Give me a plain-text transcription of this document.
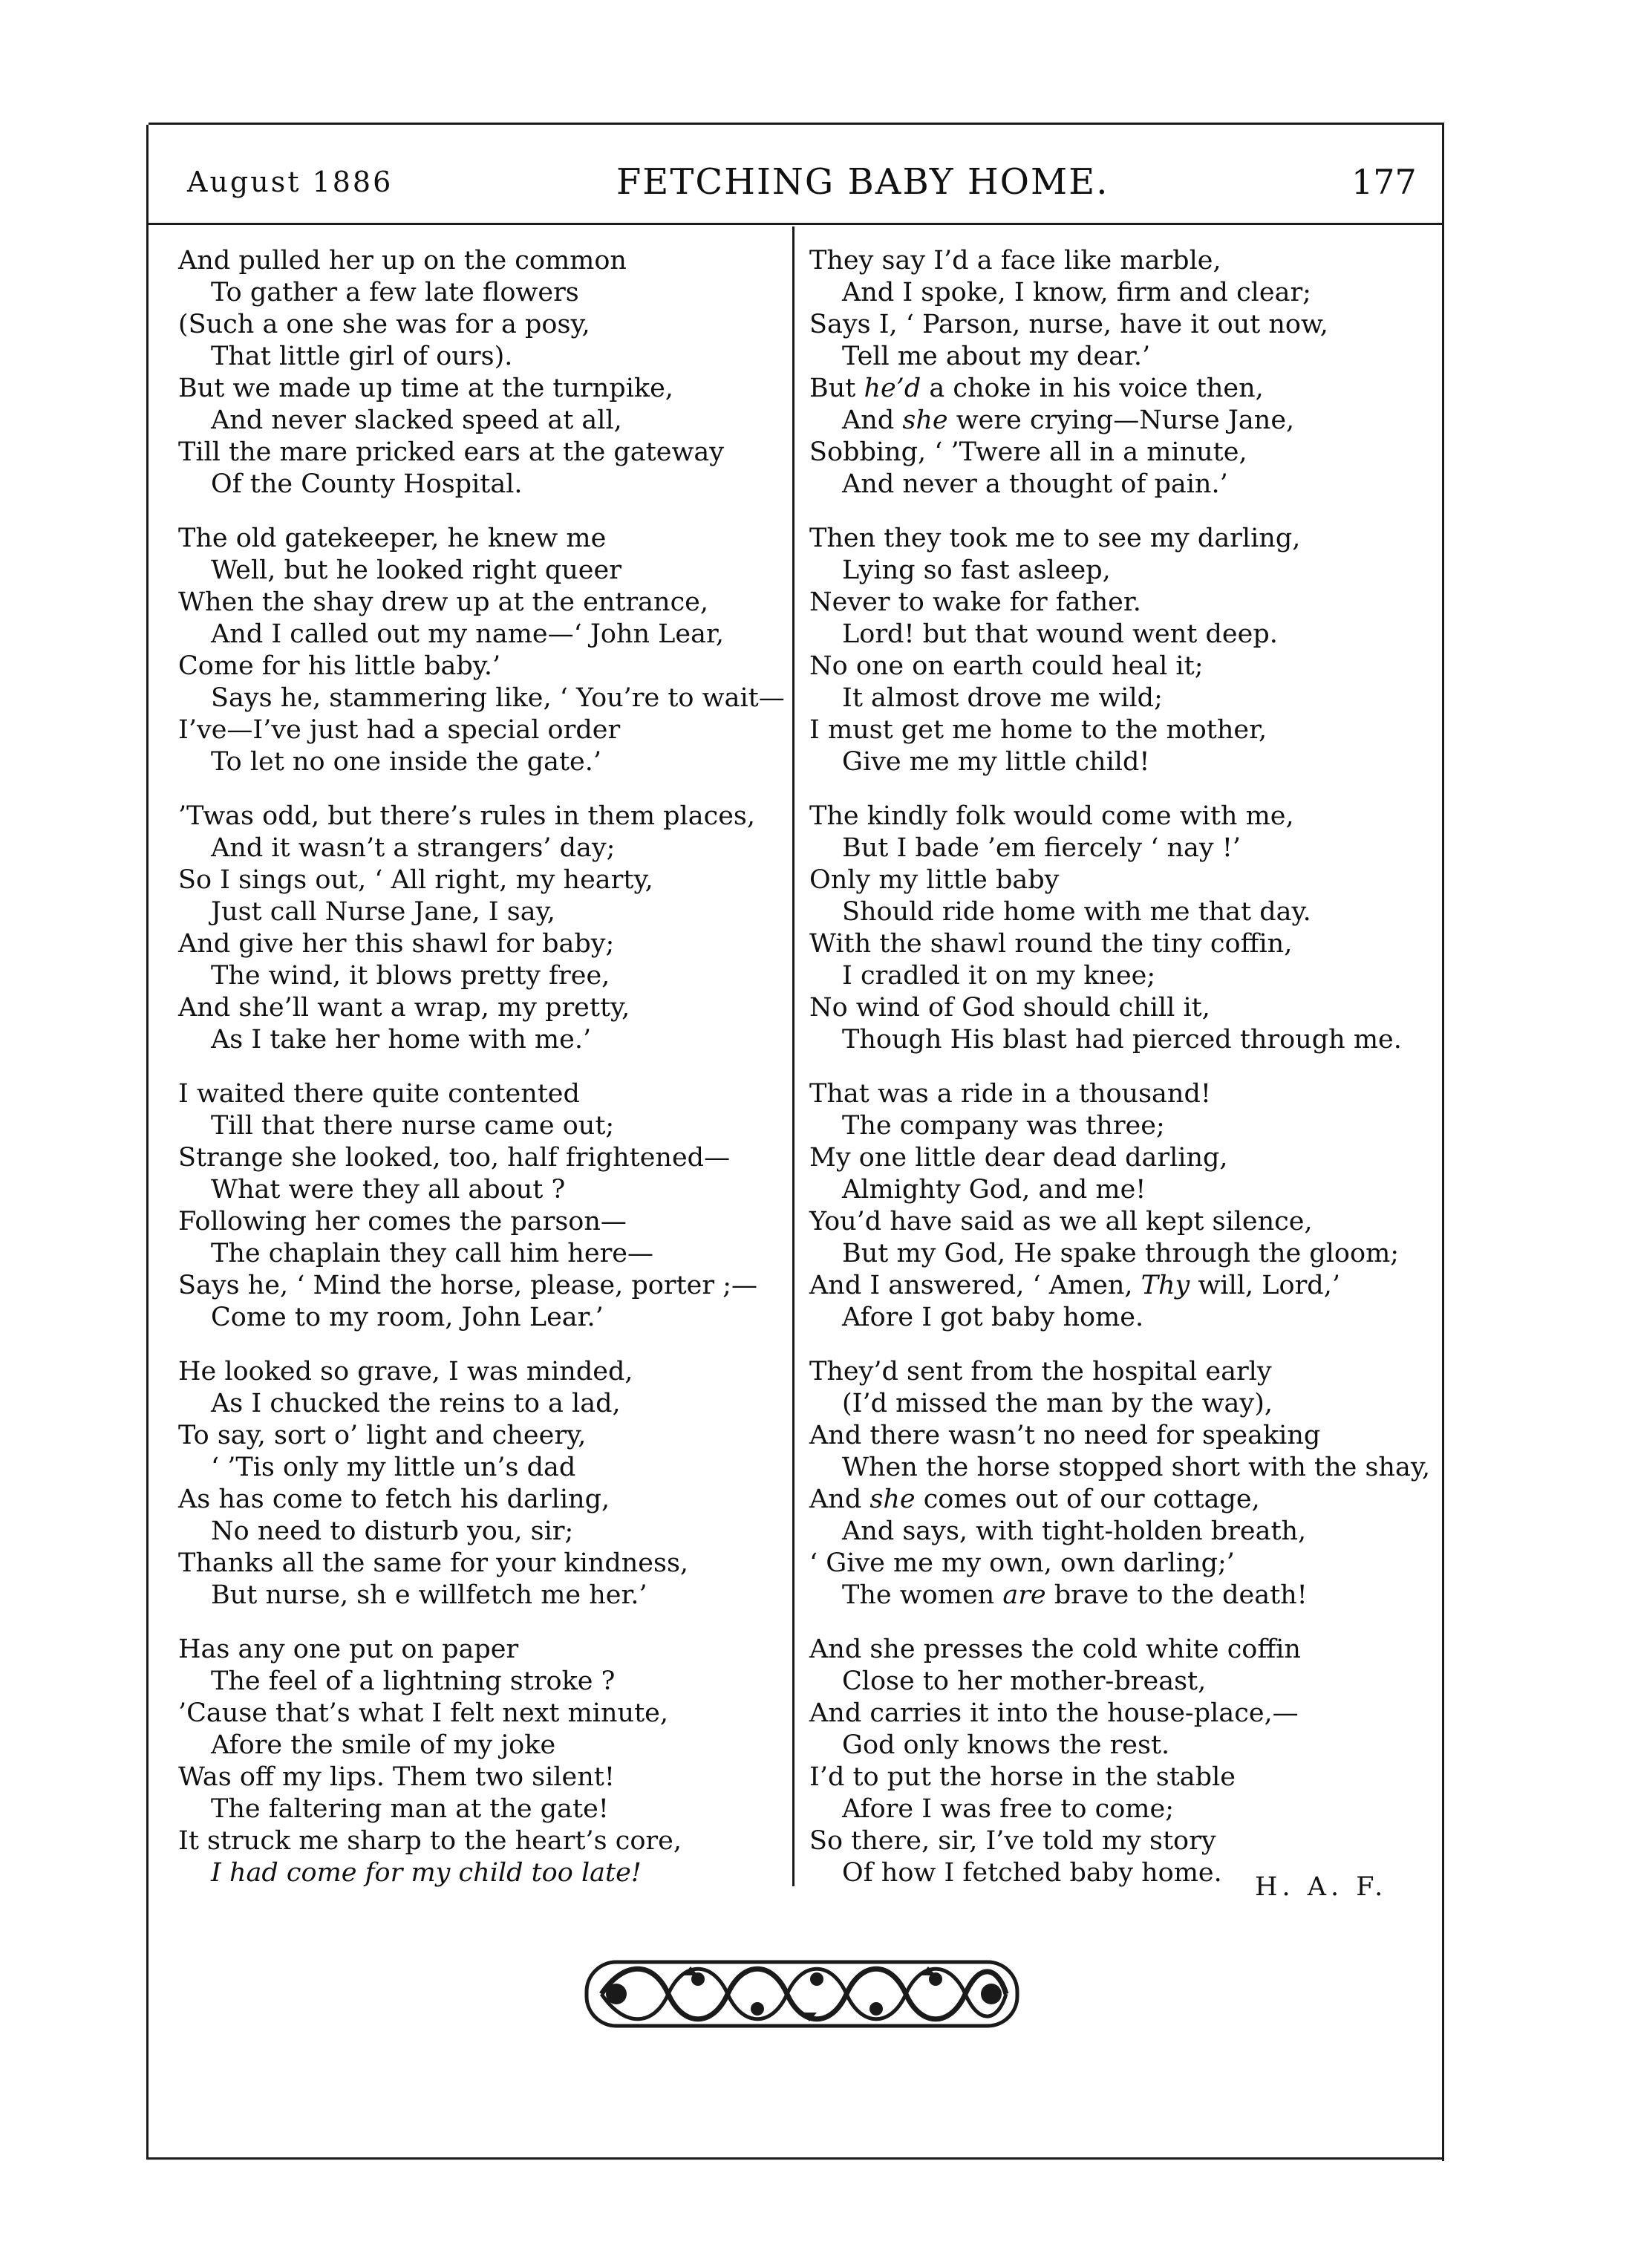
August 1886	FETCHING BABY HOME.	177
And pulled her up on the common
To gather a few late flowers
(Such a one she was for a posy,
That little girl of ours).
But we made up time at the turnpike,
And never slacked speed at all,
Till the mare pricked ears at the gateway
Of the County Hospital.
The old gatekeeper, he knew me
Well, but he looked right queer
When the shay drew up at the entrance,
And I called out my name—‘ John Lear,
Come for his little baby.’
Says he, stammering like, ‘ You’re to wait—
I’ve—I’ve just had a special order
To let no one inside the gate.’
’Twas odd, but there’s rules in them places,
And it wasn’t a strangers’ day;
So I sings out, ‘ All right, my hearty,
Just call Nurse Jane, I say,
And give her this shawl for baby;
The wind, it blows pretty free,
And she’ll want a wrap, my pretty,
As I take her home with me.’
I waited there quite contented
Till that there nurse came out;
Strange she looked, too, half frightened—
What were they all about ?
Following her comes the parson—
The chaplain they call him here—
Says he, ‘ Mind the horse, please, porter ;—
Come to my room, John Lear.’
He looked so grave, I was minded,
As I chucked the reins to a lad,
To say, sort o’ light and cheery,
‘ ’Tis only my little un’s dad
As has come to fetch his darling,
No need to disturb you, sir;
Thanks all the same for your kindness,
But nurse, sh e willfetch me her.’
Has any one put on paper
The feel of a lightning stroke ?
’Cause that’s what I felt next minute,
Afore the smile of my joke
Was off my lips. Them two silent!
The faltering man at the gate!
It struck me sharp to the heart’s core,
I had come for my child too late!
They say I’d a face like marble,
And I spoke, I know, firm and clear;
Says I, ‘ Parson, nurse, have it out now,
Tell me about my dear.’
But he’d a choke in his voice then,
And she were crying—Nurse Jane,
Sobbing, ‘ ’Twere all in a minute,
And never a thought of pain.’
Then they took me to see my darling,
Lying so fast asleep,
Never to wake for father.
Lord! but that wound went deep.
No one on earth could heal it;
It almost drove me wild;
I must get me home to the mother,
Give me my little child!
The kindly folk would come with me,
But I bade ’em fiercely ‘ nay !’
Only my little baby
Should ride home with me that day.
With the shawl round the tiny coffin,
I cradled it on my knee;
No wind of God should chill it,
Though His blast had pierced through me.
That was a ride in a thousand!
The company was three;
My one little dear dead darling,
Almighty God, and me!
You’d have said as we all kept silence,
But my God, He spake through the gloom;
And I answered, ‘ Amen, Thy will, Lord,’
Afore I got baby home.
They’d sent from the hospital early
(I’d missed the man by the way),
And there wasn’t no need for speaking
When the horse stopped short with the shay,
And she comes out of our cottage,
And says, with tight-holden breath,
‘ Give me my own, own darling;’
The women are brave to the death!
And she presses the cold white coffin
Close to her mother-breast,
And carries it into the house-place,—
God only knows the rest.
I’d to put the horse in the stable
Afore I was free to come;
So there, sir, I’ve told my story
Of how I fetched baby home.	H. A. F.
